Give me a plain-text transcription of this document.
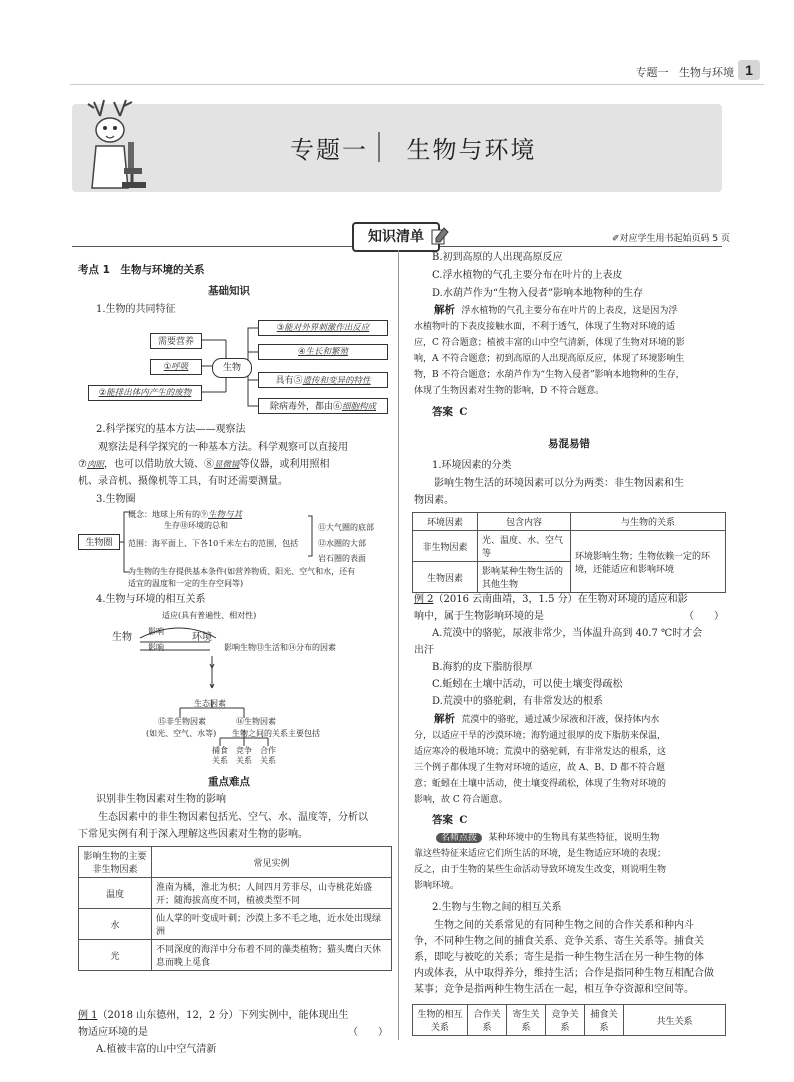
专题一 生物与环境 1
专题一 生物与环境
知识清单	✐对应学生用书起始页码 5 页
考点 1　生物与环境的关系
基础知识
1.生物的共同特征
需要营养
①呼吸
②能排出体内产生的废物
生物
③能对外界刺激作出反应
④生长和繁殖
具有⑤遗传和变异的特性
除病毒外，都由⑥细胞构成
2.科学探究的基本方法——观察法
观察法是科学探究的一种基本方法。科学观察可以直接用
⑦肉眼，也可以借助放大镜、⑧显微镜等仪器，或利用照相
机、录音机、摄像机等工具，有时还需要测量。
3.生物圈
生物圈
概念：地球上所有的⑨生物与其
生存⑩环境的总和
范围：海平面上、下各10千米左右的范围，包括
⑪大气圈的底部
⑫水圈的大部
岩石圈的表面
为生物的生存提供基本条件(如营养物质、阳光、空气和水，还有
适宜的温度和一定的生存空间等)
4.生物与环境的相互关系
适应(具有普遍性、相对性)
生物	环境
影响
影响	影响生物⑬生活和⑭分布的因素
生态因素
⑮非生物因素
(如光、空气、水等)
⑯生物因素
生物之间的关系主要包括
捕食关系
竞争关系
合作关系
重点难点
识别非生物因素对生物的影响
生态因素中的非生物因素包括光、空气、水、温度等，分析以
下常见实例有利于深入理解这些因素对生物的影响。
影响生物的主要非生物因素	常见实例
温度	淮南为橘，淮北为枳；人间四月芳菲尽，山寺桃花始盛开；随海拔高度不同，植被类型不同
水	仙人掌的叶变成叶刺；沙漠上多不毛之地，近水处出现绿洲
光	不同深度的海洋中分布着不同的藻类植物；猫头鹰白天休息而晚上觅食
例 1（2018 山东德州，12，2 分）下列实例中，能体现出生
物适应环境的是	（　　）
A.植被丰富的山中空气清新
B.初到高原的人出现高原反应
C.浮水植物的气孔主要分布在叶片的上表皮
D.水葫芦作为“生物入侵者”影响本地物种的生存
解析 浮水植物的气孔主要分布在叶片的上表皮，这是因为浮
水植物叶的下表皮接触水面，不利于透气，体现了生物对环境的适
应，C 符合题意；植被丰富的山中空气清新，体现了生物对环境的影
响，A 不符合题意；初到高原的人出现高原反应，体现了环境影响生
物，B 不符合题意；水葫芦作为“生物入侵者”影响本地物种的生存，
体现了生物因素对生物的影响，D 不符合题意。
答案 C
易混易错
1.环境因素的分类
影响生物生活的环境因素可以分为两类：非生物因素和生
物因素。
环境因素	包含内容	与生物的关系
非生物因素	光、温度、水、空气等	环境影响生物；生物依赖一定的环境，还能适应和影响环境
生物因素	影响某种生物生活的其他生物	
例 2（2016 云南曲靖，3，1.5 分）在生物对环境的适应和影
响中，属于生物影响环境的是	（　　）
A.荒漠中的骆驼，尿液非常少，当体温升高到 40.7 ℃时才会
出汗
B.海豹的皮下脂肪很厚
C.蚯蚓在土壤中活动，可以使土壤变得疏松
D.荒漠中的骆驼刺，有非常发达的根系
解析 荒漠中的骆驼，通过减少尿液和汗液，保持体内水
分，以适应干旱的沙漠环境；海豹通过很厚的皮下脂肪来保温，
适应寒冷的极地环境；荒漠中的骆驼刺，有非常发达的根系，这
三个例子都体现了生物对环境的适应，故 A、B、D 都不符合题
意；蚯蚓在土壤中活动，使土壤变得疏松，体现了生物对环境的
影响，故 C 符合题意。
答案 C
名师点拨 某种环境中的生物具有某些特征，说明生物
靠这些特征来适应它们所生活的环境，是生物适应环境的表现；
反之，由于生物的某些生命活动导致环境发生改变，则说明生物
影响环境。
2.生物与生物之间的相互关系
生物之间的关系常见的有同种生物之间的合作关系和种内斗
争，不同种生物之间的捕食关系、竞争关系、寄生关系等。捕食关
系，即吃与被吃的关系；寄生是指一种生物生活在另一种生物的体
内或体表，从中取得养分，维持生活；合作是指同种生物互相配合做
某事；竞争是指两种生物生活在一起，相互争夺资源和空间等。
生物的相互关系	合作关系	寄生关系	竞争关系	捕食关系	共生关系
